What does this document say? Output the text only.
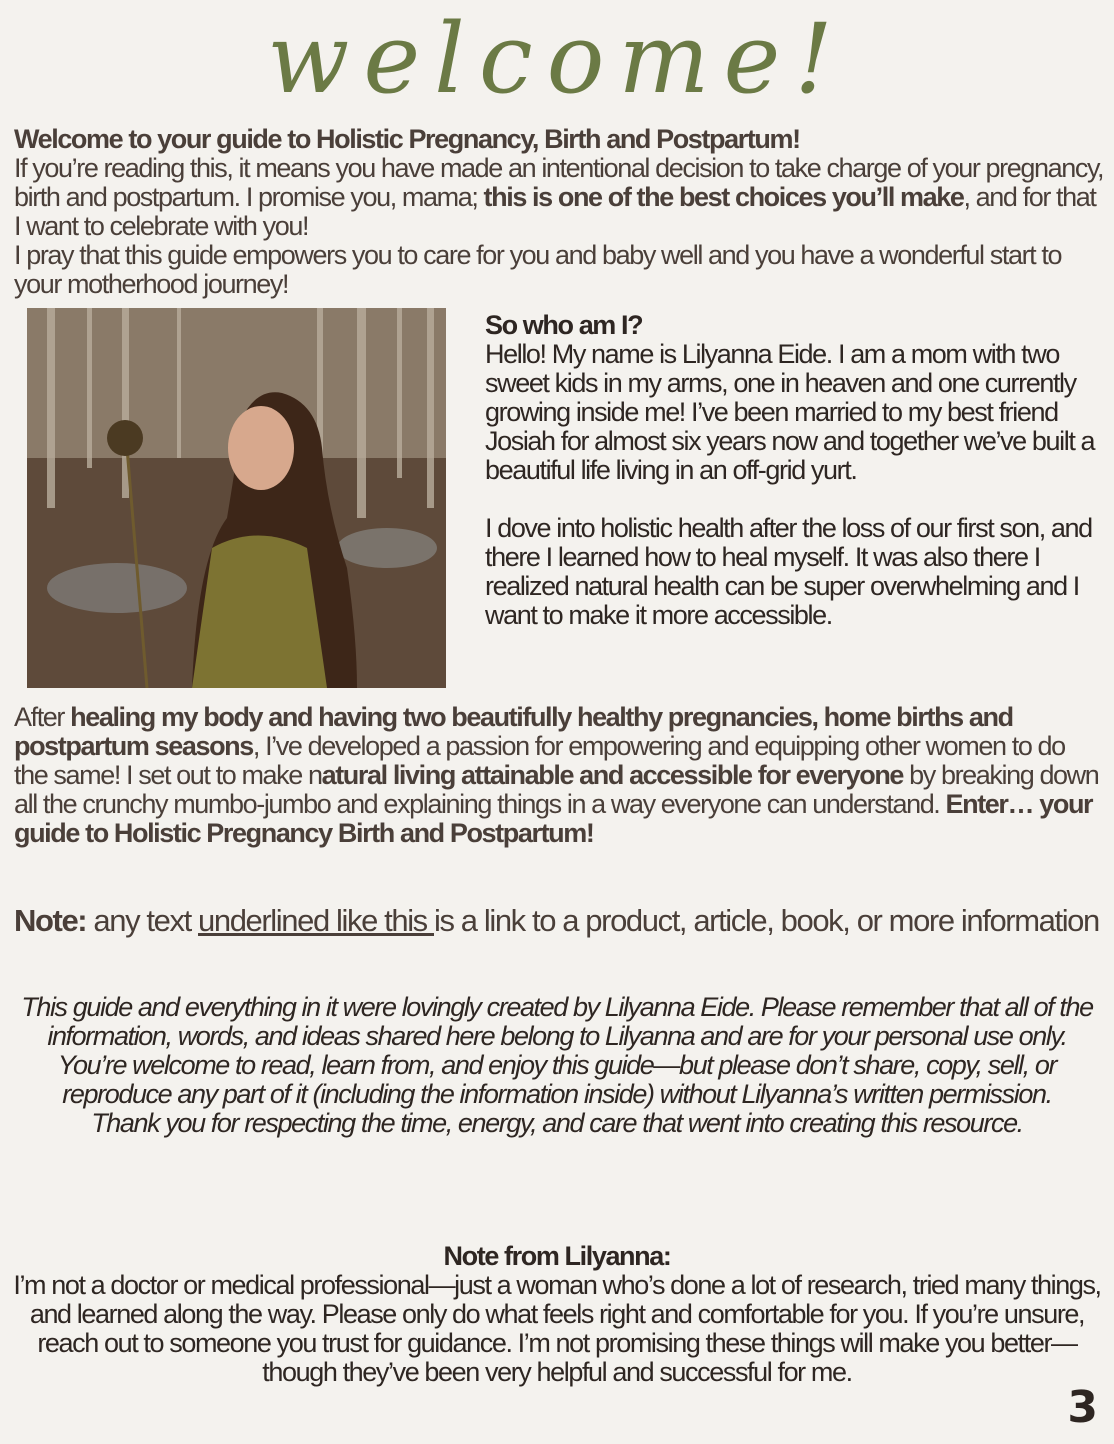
welcome!
Welcome to your guide to Holistic Pregnancy, Birth and Postpartum!
If you’re reading this, it means you have made an intentional decision to take charge of your pregnancy, birth and postpartum. I promise you, mama; this is one of the best choices you’ll make, and for that I want to celebrate with you!
I pray that this guide empowers you to care for you and baby well and you have a wonderful start to your motherhood journey!
So who am I?

Hello! My name is Lilyanna Eide. I am a mom with two sweet kids in my arms, one in heaven and one currently growing inside me! I’ve been married to my best friend Josiah for almost six years now and together we’ve built a beautiful life living in an off-grid yurt.

I dove into holistic health after the loss of our first son, and there I learned how to heal myself. It was also there I realized natural health can be super overwhelming and I want to make it more accessible.

After healing my body and having two beautifully healthy pregnancies, home births and postpartum seasons, I’ve developed a passion for empowering and equipping other women to do the same! I set out to make natural living attainable and accessible for everyone by breaking down all the crunchy mumbo-jumbo and explaining things in a way everyone can understand. Enter… your guide to Holistic Pregnancy Birth and Postpartum!
Note: any text underlined like this is a link to a product, article, book, or more information

This guide and everything in it were lovingly created by Lilyanna Eide. Please remember that all of the information, words, and ideas shared here belong to Lilyanna and are for your personal use only.

You’re welcome to read, learn from, and enjoy this guide—but please don’t share, copy, sell, or reproduce any part of it (including the information inside) without Lilyanna’s written permission.

Thank you for respecting the time, energy, and care that went into creating this resource.

Note from Lilyanna:
I’m not a doctor or medical professional—just a woman who’s done a lot of research, tried many things, and learned along the way. Please only do what feels right and comfortable for you. If you’re unsure, reach out to someone you trust for guidance. I’m not promising these things will make you better—though they’ve been very helpful and successful for me.
3
